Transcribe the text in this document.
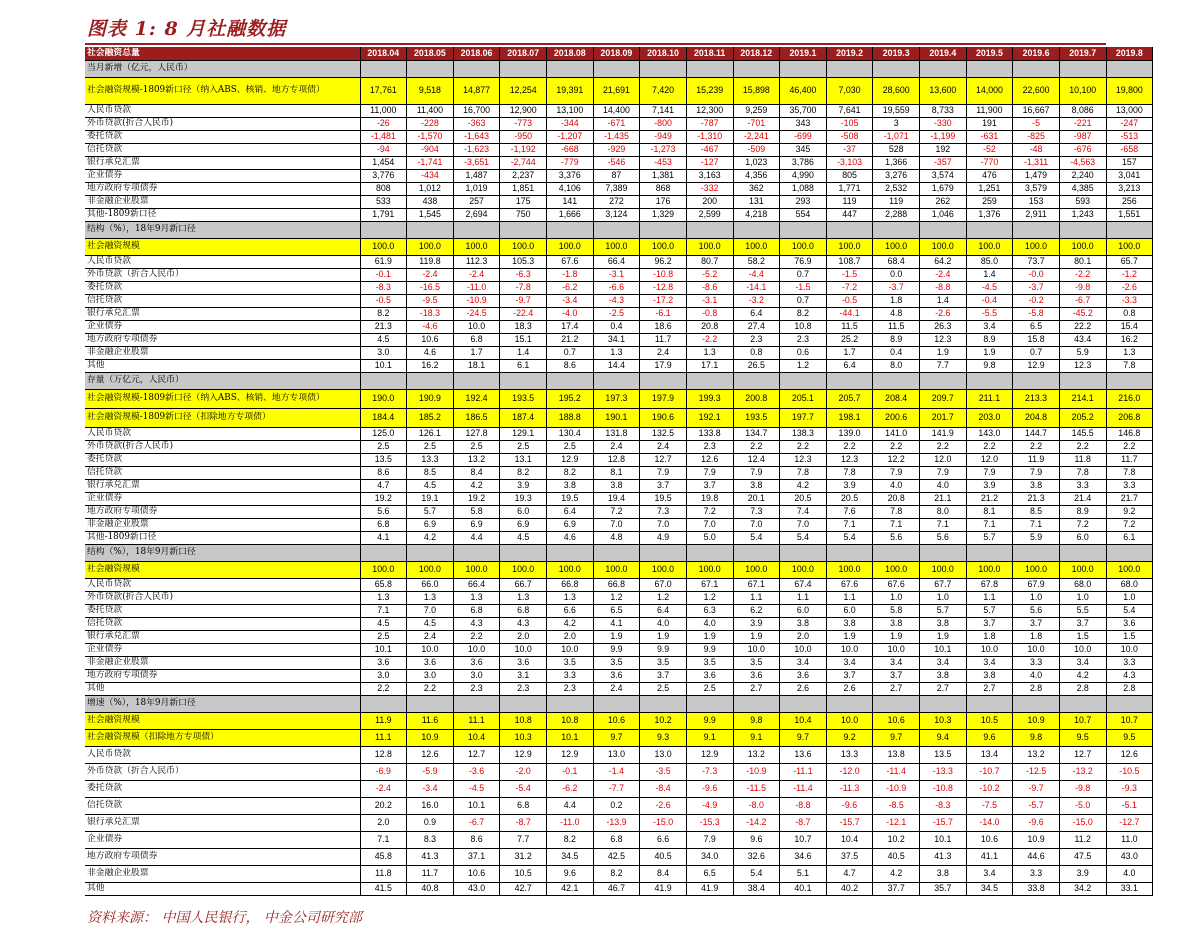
图表 1: 8 月社融数据
社会融资总量	2018.04	2018.05	2018.06	2018.07	2018.08	2018.09	2018.10	2018.11	2018.12	2019.1	2019.2	2019.3	2019.4	2019.5	2019.6	2019.7	2019.8
当月新增（亿元，人民币）																	
社会融资规模-1809新口径（纳入ABS、核销、地方专项债）	17,761	9,518	14,877	12,254	19,391	21,691	7,420	15,239	15,898	46,400	7,030	28,600	13,600	14,000	22,600	10,100	19,800
人民币贷款	11,000	11,400	16,700	12,900	13,100	14,400	7,141	12,300	9,259	35,700	7,641	19,559	8,733	11,900	16,667	8,086	13,000
外币贷款(折合人民币)	-26	-228	-363	-773	-344	-671	-800	-787	-701	343	-105	3	-330	191	-5	-221	-247
委托贷款	-1,481	-1,570	-1,643	-950	-1,207	-1,435	-949	-1,310	-2,241	-699	-508	-1,071	-1,199	-631	-825	-987	-513
信托贷款	-94	-904	-1,623	-1,192	-668	-929	-1,273	-467	-509	345	-37	528	192	-52	-48	-676	-658
银行承兑汇票	1,454	-1,741	-3,651	-2,744	-779	-546	-453	-127	1,023	3,786	-3,103	1,366	-357	-770	-1,311	-4,563	157
企业债券	3,776	-434	1,487	2,237	3,376	87	1,381	3,163	4,356	4,990	805	3,276	3,574	476	1,479	2,240	3,041
地方政府专项债券	808	1,012	1,019	1,851	4,106	7,389	868	-332	362	1,088	1,771	2,532	1,679	1,251	3,579	4,385	3,213
非金融企业股票	533	438	257	175	141	272	176	200	131	293	119	119	262	259	153	593	256
其他-1809新口径	1,791	1,545	2,694	750	1,666	3,124	1,329	2,599	4,218	554	447	2,288	1,046	1,376	2,911	1,243	1,551
结构（%），18年9月新口径																	
社会融资规模	100.0	100.0	100.0	100.0	100.0	100.0	100.0	100.0	100.0	100.0	100.0	100.0	100.0	100.0	100.0	100.0	100.0
人民币贷款	61.9	119.8	112.3	105.3	67.6	66.4	96.2	80.7	58.2	76.9	108.7	68.4	64.2	85.0	73.7	80.1	65.7
外币贷款（折合人民币）	-0.1	-2.4	-2.4	-6.3	-1.8	-3.1	-10.8	-5.2	-4.4	0.7	-1.5	0.0	-2.4	1.4	-0.0	-2.2	-1.2
委托贷款	-8.3	-16.5	-11.0	-7.8	-6.2	-6.6	-12.8	-8.6	-14.1	-1.5	-7.2	-3.7	-8.8	-4.5	-3.7	-9.8	-2.6
信托贷款	-0.5	-9.5	-10.9	-9.7	-3.4	-4.3	-17.2	-3.1	-3.2	0.7	-0.5	1.8	1.4	-0.4	-0.2	-6.7	-3.3
银行承兑汇票	8.2	-18.3	-24.5	-22.4	-4.0	-2.5	-6.1	-0.8	6.4	8.2	-44.1	4.8	-2.6	-5.5	-5.8	-45.2	0.8
企业债券	21.3	-4.6	10.0	18.3	17.4	0.4	18.6	20.8	27.4	10.8	11.5	11.5	26.3	3.4	6.5	22.2	15.4
地方政府专项债券	4.5	10.6	6.8	15.1	21.2	34.1	11.7	-2.2	2.3	2.3	25.2	8.9	12.3	8.9	15.8	43.4	16.2
非金融企业股票	3.0	4.6	1.7	1.4	0.7	1.3	2.4	1.3	0.8	0.6	1.7	0.4	1.9	1.9	0.7	5.9	1.3
其他	10.1	16.2	18.1	6.1	8.6	14.4	17.9	17.1	26.5	1.2	6.4	8.0	7.7	9.8	12.9	12.3	7.8
存量（万亿元，人民币）																	
社会融资规模-1809新口径（纳入ABS、核销、地方专项债）	190.0	190.9	192.4	193.5	195.2	197.3	197.9	199.3	200.8	205.1	205.7	208.4	209.7	211.1	213.3	214.1	216.0
社会融资规模-1809新口径（扣除地方专项债）	184.4	185.2	186.5	187.4	188.8	190.1	190.6	192.1	193.5	197.7	198.1	200.6	201.7	203.0	204.8	205.2	206.8
人民币贷款	125.0	126.1	127.8	129.1	130.4	131.8	132.5	133.8	134.7	138.3	139.0	141.0	141.9	143.0	144.7	145.5	146.8
外币贷款(折合人民币)	2.5	2.5	2.5	2.5	2.5	2.4	2.4	2.3	2.2	2.2	2.2	2.2	2.2	2.2	2.2	2.2	2.2
委托贷款	13.5	13.3	13.2	13.1	12.9	12.8	12.7	12.6	12.4	12.3	12.3	12.2	12.0	12.0	11.9	11.8	11.7
信托贷款	8.6	8.5	8.4	8.2	8.2	8.1	7.9	7.9	7.9	7.8	7.8	7.9	7.9	7.9	7.9	7.8	7.8
银行承兑汇票	4.7	4.5	4.2	3.9	3.8	3.8	3.7	3.7	3.8	4.2	3.9	4.0	4.0	3.9	3.8	3.3	3.3
企业债券	19.2	19.1	19.2	19.3	19.5	19.4	19.5	19.8	20.1	20.5	20.5	20.8	21.1	21.2	21.3	21.4	21.7
地方政府专项债券	5.6	5.7	5.8	6.0	6.4	7.2	7.3	7.2	7.3	7.4	7.6	7.8	8.0	8.1	8.5	8.9	9.2
非金融企业股票	6.8	6.9	6.9	6.9	6.9	7.0	7.0	7.0	7.0	7.0	7.1	7.1	7.1	7.1	7.1	7.2	7.2
其他-1809新口径	4.1	4.2	4.4	4.5	4.6	4.8	4.9	5.0	5.4	5.4	5.4	5.6	5.6	5.7	5.9	6.0	6.1
结构（%），18年9月新口径																	
社会融资规模	100.0	100.0	100.0	100.0	100.0	100.0	100.0	100.0	100.0	100.0	100.0	100.0	100.0	100.0	100.0	100.0	100.0
人民币贷款	65.8	66.0	66.4	66.7	66.8	66.8	67.0	67.1	67.1	67.4	67.6	67.6	67.7	67.8	67.9	68.0	68.0
外币贷款(折合人民币)	1.3	1.3	1.3	1.3	1.3	1.2	1.2	1.2	1.1	1.1	1.1	1.0	1.0	1.1	1.0	1.0	1.0
委托贷款	7.1	7.0	6.8	6.8	6.6	6.5	6.4	6.3	6.2	6.0	6.0	5.8	5.7	5.7	5.6	5.5	5.4
信托贷款	4.5	4.5	4.3	4.3	4.2	4.1	4.0	4.0	3.9	3.8	3.8	3.8	3.8	3.7	3.7	3.7	3.6
银行承兑汇票	2.5	2.4	2.2	2.0	2.0	1.9	1.9	1.9	1.9	2.0	1.9	1.9	1.9	1.8	1.8	1.5	1.5
企业债券	10.1	10.0	10.0	10.0	10.0	9.9	9.9	9.9	10.0	10.0	10.0	10.0	10.1	10.0	10.0	10.0	10.0
非金融企业股票	3.6	3.6	3.6	3.6	3.5	3.5	3.5	3.5	3.5	3.4	3.4	3.4	3.4	3.4	3.3	3.4	3.3
地方政府专项债券	3.0	3.0	3.0	3.1	3.3	3.6	3.7	3.6	3.6	3.6	3.7	3.7	3.8	3.8	4.0	4.2	4.3
其他	2.2	2.2	2.3	2.3	2.3	2.4	2.5	2.5	2.7	2.6	2.6	2.7	2.7	2.7	2.8	2.8	2.8
增速（%），18年9月新口径																	
社会融资规模	11.9	11.6	11.1	10.8	10.8	10.6	10.2	9.9	9.8	10.4	10.0	10.6	10.3	10.5	10.9	10.7	10.7
社会融资规模（扣除地方专项债）	11.1	10.9	10.4	10.3	10.1	9.7	9.3	9.1	9.1	9.7	9.2	9.7	9.4	9.6	9.8	9.5	9.5
人民币贷款	12.8	12.6	12.7	12.9	12.9	13.0	13.0	12.9	13.2	13.6	13.3	13.8	13.5	13.4	13.2	12.7	12.6
外币贷款（折合人民币）	-6.9	-5.9	-3.6	-2.0	-0.1	-1.4	-3.5	-7.3	-10.9	-11.1	-12.0	-11.4	-13.3	-10.7	-12.5	-13.2	-10.5
委托贷款	-2.4	-3.4	-4.5	-5.4	-6.2	-7.7	-8.4	-9.6	-11.5	-11.4	-11.3	-10.9	-10.8	-10.2	-9.7	-9.8	-9.3
信托贷款	20.2	16.0	10.1	6.8	4.4	0.2	-2.6	-4.9	-8.0	-8.8	-9.6	-8.5	-8.3	-7.5	-5.7	-5.0	-5.1
银行承兑汇票	2.0	0.9	-6.7	-8.7	-11.0	-13.9	-15.0	-15.3	-14.2	-8.7	-15.7	-12.1	-15.7	-14.0	-9.6	-15.0	-12.7
企业债券	7.1	8.3	8.6	7.7	8.2	6.8	6.6	7.9	9.6	10.7	10.4	10.2	10.1	10.6	10.9	11.2	11.0
地方政府专项债券	45.8	41.3	37.1	31.2	34.5	42.5	40.5	34.0	32.6	34.6	37.5	40.5	41.3	41.1	44.6	47.5	43.0
非金融企业股票	11.8	11.7	10.6	10.5	9.6	8.2	8.4	6.5	5.4	5.1	4.7	4.2	3.8	3.4	3.3	3.9	4.0
其他	41.5	40.8	43.0	42.7	42.1	46.7	41.9	41.9	38.4	40.1	40.2	37.7	35.7	34.5	33.8	34.2	33.1
资料来源： 中国人民银行， 中金公司研究部
